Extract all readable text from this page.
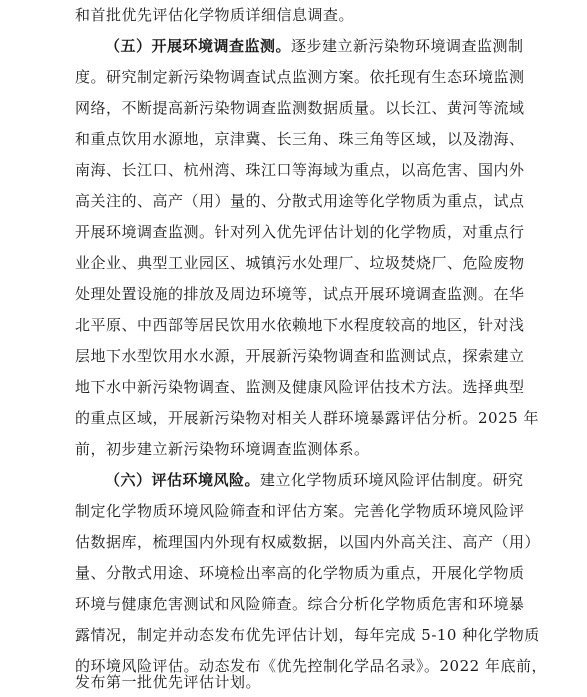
和首批优先评估化学物质详细信息调查。
（五）开展环境调查监测。逐步建立新污染物环境调查监测制
度。研究制定新污染物调查试点监测方案。依托现有生态环境监测
网络，不断提高新污染物调查监测数据质量。以长江、黄河等流域
和重点饮用水源地，京津冀、长三角、珠三角等区域，以及渤海、
南海、长江口、杭州湾、珠江口等海域为重点，以高危害、国内外
高关注的、高产（用）量的、分散式用途等化学物质为重点，试点
开展环境调查监测。针对列入优先评估计划的化学物质，对重点行
业企业、典型工业园区、城镇污水处理厂、垃圾焚烧厂、危险废物
处理处置设施的排放及周边环境等，试点开展环境调查监测。在华
北平原、中西部等居民饮用水依赖地下水程度较高的地区，针对浅
层地下水型饮用水水源，开展新污染物调查和监测试点，探索建立
地下水中新污染物调查、监测及健康风险评估技术方法。选择典型
的重点区域，开展新污染物对相关人群环境暴露评估分析。2025 年
前，初步建立新污染物环境调查监测体系。
（六）评估环境风险。建立化学物质环境风险评估制度。研究
制定化学物质环境风险筛查和评估方案。完善化学物质环境风险评
估数据库，梳理国内外现有权威数据，以国内外高关注、高产（用）
量、分散式用途、环境检出率高的化学物质为重点，开展化学物质
环境与健康危害测试和风险筛查。综合分析化学物质危害和环境暴
露情况，制定并动态发布优先评估计划，每年完成 5-10 种化学物质
的环境风险评估。动态发布《优先控制化学品名录》。2022 年底前，
发布第一批优先评估计划。
